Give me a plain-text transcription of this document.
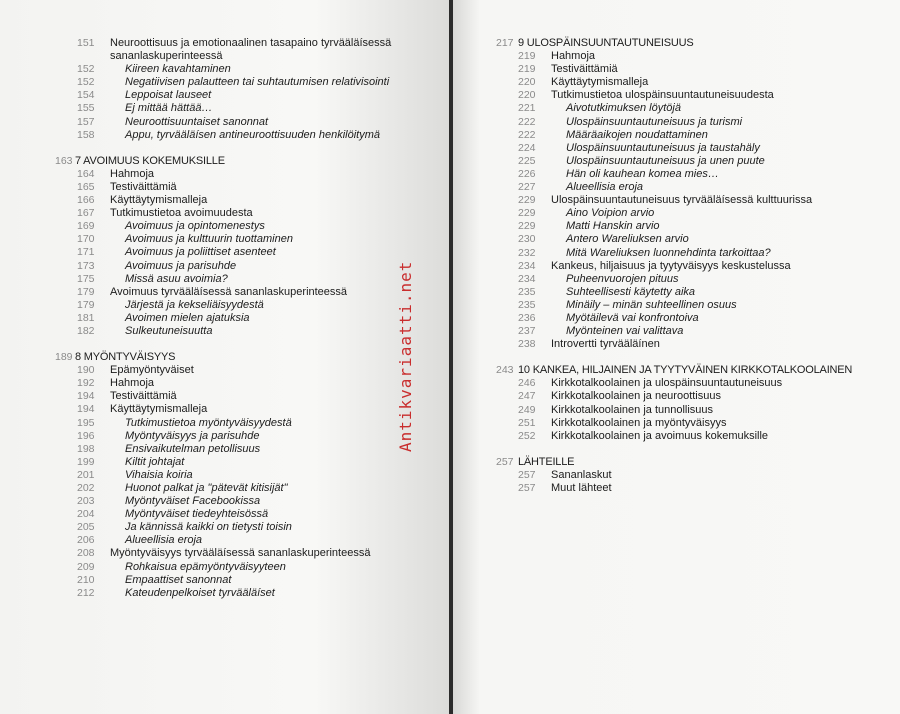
151 Neuroottisuus ja emotionaalinen tasapaino tyrvääläísessä
sananlaskuperinteessä
152	Kiireen kavahtaminen
152	Negatiivisen palautteen tai suhtautumisen relativisointi
154	Leppoisat lauseet
155	Ej mittää hättää…
157	Neuroottisuuntaiset sanonnat
158	Appu, tyrvääläísen antineuroottisuuden henkilöitymä
163 7 AVOIMUUS KOKEMUKSILLE
164 Hahmoja
165 Testiväittämiä
166 Käyttäytymismalleja
167 Tutkimustietoa avoimuudesta
169	Avoimuus ja opintomenestys
170	Avoimuus ja kulttuurin tuottaminen
171	Avoimuus ja poliittiset asenteet
173	Avoimuus ja parisuhde
175	Missä asuu avoimia?
179 Avoimuus tyrvääläísessä sananlaskuperinteessä
179	Järjestä ja kekseliäisyydestä
181	Avoimen mielen ajatuksia
182	Sulkeutuneisuutta
189 8 MYÖNTYVÄISYYS
190 Epämyöntyväiset
192 Hahmoja
194 Testiväittämiä
194 Käyttäytymismalleja
195	Tutkimustietoa myöntyväisyydestä
196	Myöntyväisyys ja parisuhde
198	Ensivaikutelman petollisuus
199	Kiltit johtajat
201	Vihaisia koiria
202	Huonot palkat ja "pätevät kitisijät"
203	Myöntyväiset Facebookissa
204	Myöntyväiset tiedeyhteisössä
205	Ja kännissä kaikki on tietysti toisin
206	Alueellisia eroja
208 Myöntyväisyys tyrvääläísessä sananlaskuperinteessä
209	Rohkaisua epämyöntyväisyyteen
210	Empaattiset sanonnat
212	Kateudenpelkoiset tyrvääläíset
Antikvariaatti.net
217 9 ULOSPÄINSUUNTAUTUNEISUUS
219 Hahmoja
219 Testiväittämiä
220 Käyttäytymismalleja
220 Tutkimustietoa ulospäinsuuntautuneisuudesta
221	Aivotutkimuksen löytöjä
222	Ulospäinsuuntautuneisuus ja turismi
222	Määräaikojen noudattaminen
224	Ulospäinsuuntautuneisuus ja taustahäly
225	Ulospäinsuuntautuneisuus ja unen puute
226	Hän oli kauhean komea mies…
227	Alueellisia eroja
229 Ulospäinsuuntautuneisuus tyrvääläísessä kulttuurissa
229	Aino Voipion arvio
229	Matti Hanskin arvio
230	Antero Wareliuksen arvio
232	Mitä Wareliuksen luonnehdinta tarkoittaa?
234 Kankeus, hiljaisuus ja tyytyväisyys keskustelussa
234	Puheenvuorojen pituus
235	Suhteellisesti käytetty aika
235	Minäily – minän suhteellinen osuus
236	Myötäilevä vai konfrontoiva
237	Myönteinen vai valittava
238 Introvertti tyrvääläínen
243 10 KANKEA, HILJAINEN JA TYYTYVÄINEN KIRKKOTALKOOLAINEN
246 Kirkkotalkoolainen ja ulospäinsuuntautuneisuus
247 Kirkkotalkoolainen ja neuroottisuus
249 Kirkkotalkoolainen ja tunnollisuus
251 Kirkkotalkoolainen ja myöntyväisyys
252 Kirkkotalkoolainen ja avoimuus kokemuksille
257 LÄHTEILLE
257 Sananlaskut
257 Muut lähteet
